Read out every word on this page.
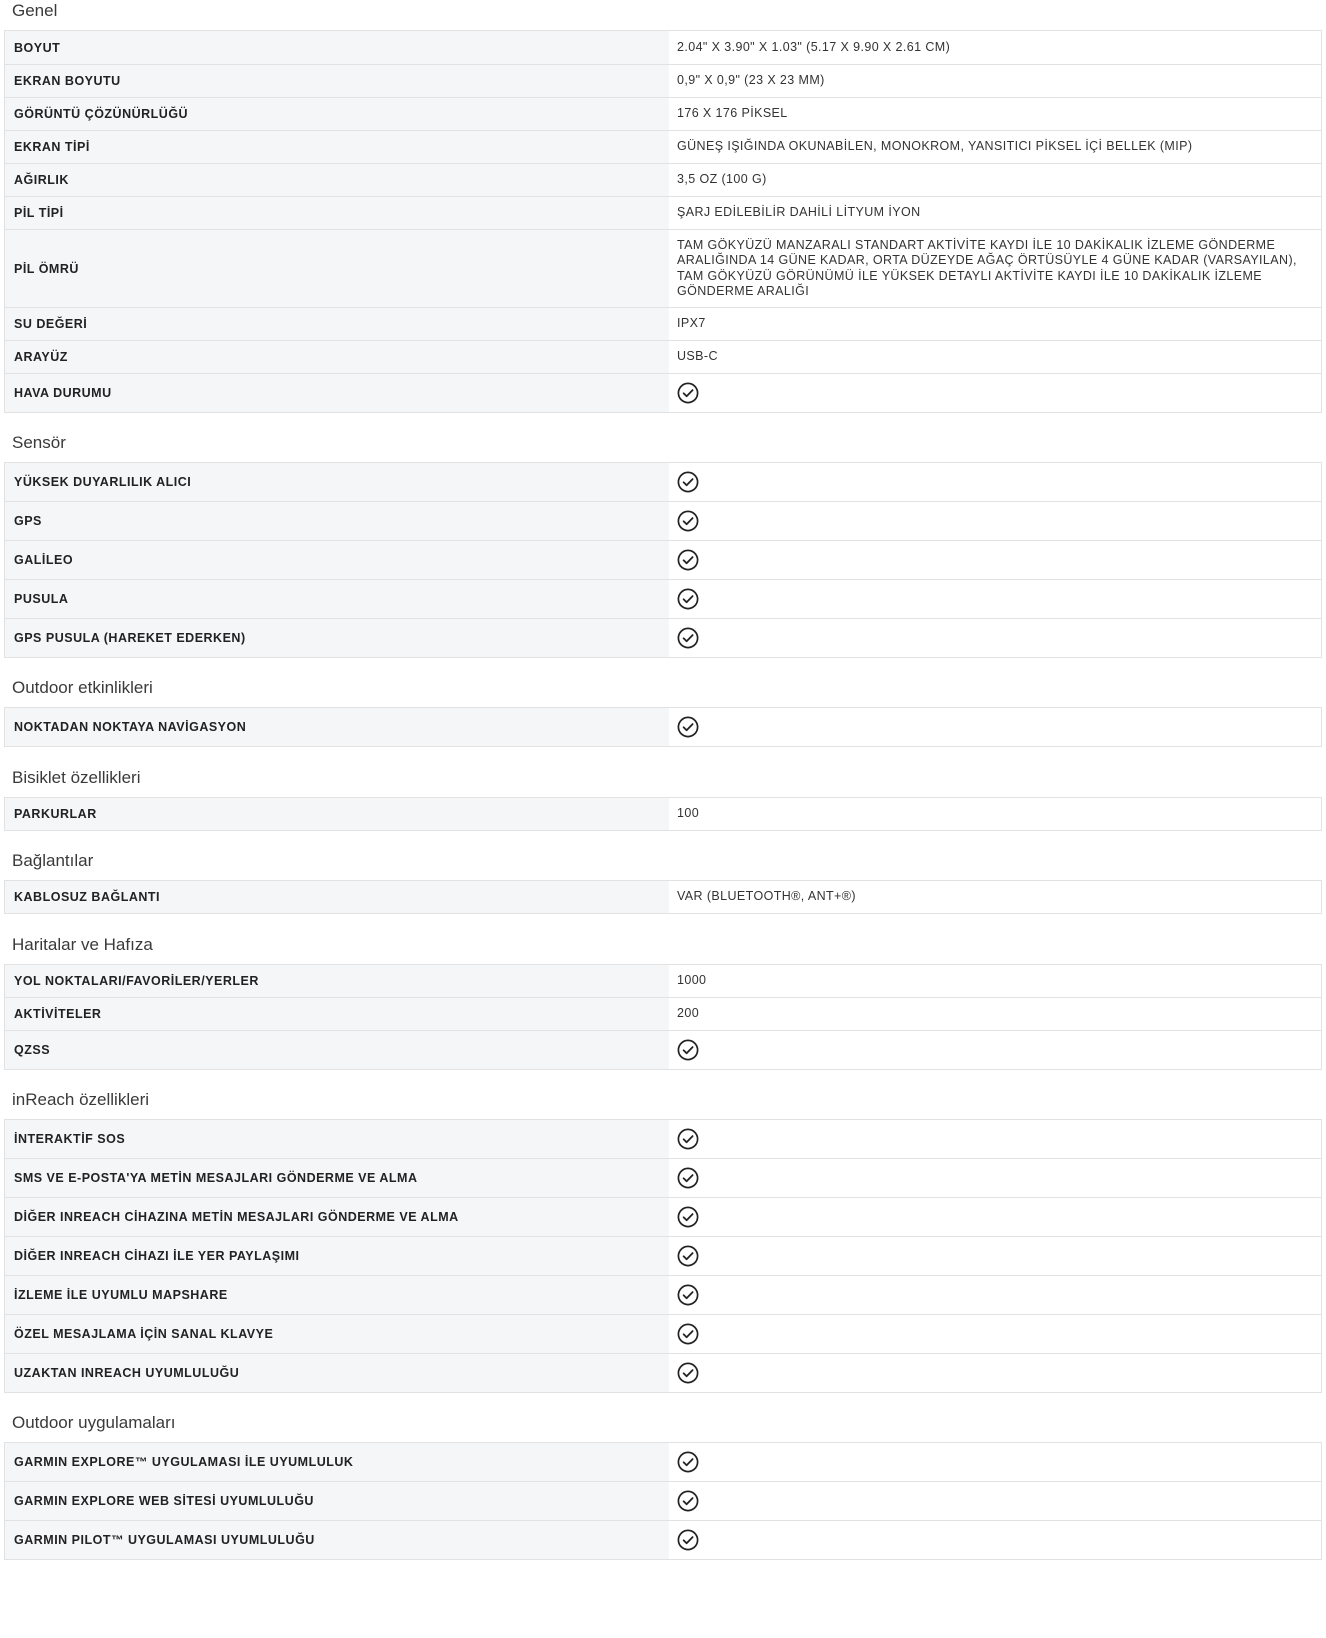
Genel
BOYUT	2.04" X 3.90" X 1.03" (5.17 X 9.90 X 2.61 CM)
EKRAN BOYUTU	0,9" X 0,9" (23 X 23 MM)
GÖRÜNTÜ ÇÖZÜNÜRLÜĞÜ	176 X 176 PİKSEL
EKRAN TİPİ	GÜNEŞ IŞIĞINDA OKUNABİLEN, MONOKROM, YANSITICI PİKSEL İÇİ BELLEK (MIP)
AĞIRLIK	3,5 OZ (100 G)
PİL TİPİ	ŞARJ EDİLEBİLİR DAHİLİ LİTYUM İYON
PİL ÖMRÜ	TAM GÖKYÜZÜ MANZARALI STANDART AKTİVİTE KAYDI İLE 10 DAKİKALIK İZLEME GÖNDERME ARALIĞINDA 14 GÜNE KADAR, ORTA DÜZEYDE AĞAÇ ÖRTÜSÜYLE 4 GÜNE KADAR (VARSAYILAN), TAM GÖKYÜZÜ GÖRÜNÜMÜ İLE YÜKSEK DETAYLI AKTİVİTE KAYDI İLE 10 DAKİKALIK İZLEME GÖNDERME ARALIĞI
SU DEĞERİ	IPX7
ARAYÜZ	USB-C
HAVA DURUMU	
Sensör
YÜKSEK DUYARLILIK ALICI	

GPS	

GALİLEO	

PUSULA	

GPS PUSULA (HAREKET EDERKEN)	
Outdoor etkinlikleri
NOKTADAN NOKTAYA NAVİGASYON	
Bisiklet özellikleri
PARKURLAR	100
Bağlantılar
KABLOSUZ BAĞLANTI	VAR (BLUETOOTH®, ANT+®)
Haritalar ve Hafıza
YOL NOKTALARI/FAVORİLER/YERLER	1000
AKTİVİTELER	200
QZSS	
inReach özellikleri
İNTERAKTİF SOS	

SMS VE E-POSTA'YA METİN MESAJLARI GÖNDERME VE ALMA	

DİĞER INREACH CİHAZINA METİN MESAJLARI GÖNDERME VE ALMA	

DİĞER INREACH CİHAZI İLE YER PAYLAŞIMI	

İZLEME İLE UYUMLU MAPSHARE	

ÖZEL MESAJLAMA İÇİN SANAL KLAVYE	

UZAKTAN INREACH UYUMLULUĞU	
Outdoor uygulamaları
GARMIN EXPLORE™ UYGULAMASI İLE UYUMLULUK	

GARMIN EXPLORE WEB SİTESİ UYUMLULUĞU	

GARMIN PILOT™ UYGULAMASI UYUMLULUĞU	
